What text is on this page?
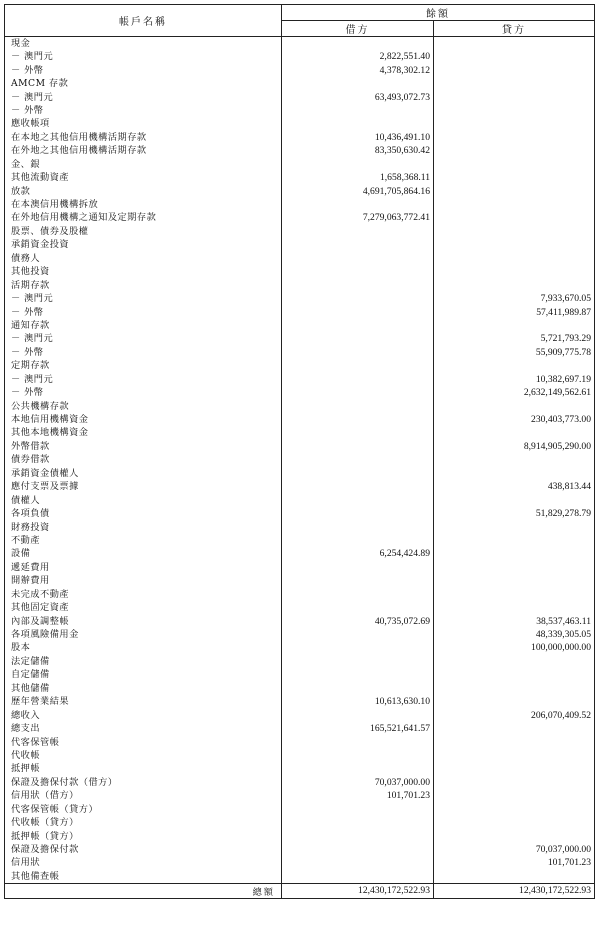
帳戶名稱	餘額	
	借方	貸方
現金		
－ 澳門元	2,822,551.40	
－ 外幣	4,378,302.12	
AMCM 存款		
－ 澳門元	63,493,072.73	
－ 外幣		
應收帳項		
在本地之其他信用機構活期存款	10,436,491.10	
在外地之其他信用機構活期存款	83,350,630.42	
金、銀		
其他流動資產	1,658,368.11	
放款	4,691,705,864.16	
在本澳信用機構拆放		
在外地信用機構之通知及定期存款	7,279,063,772.41	
股票、債券及股權		
承銷資金投資		
債務人		
其他投資		
活期存款		
－ 澳門元		7,933,670.05
－ 外幣		57,411,989.87
通知存款		
－ 澳門元		5,721,793.29
－ 外幣		55,909,775.78
定期存款		
－ 澳門元		10,382,697.19
－ 外幣		2,632,149,562.61
公共機構存款		
本地信用機構資金		230,403,773.00
其他本地機構資金		
外幣借款		8,914,905,290.00
債券借款		
承銷資金債權人		
應付支票及票據		438,813.44
債權人		
各項負債		51,829,278.79
財務投資		
不動產		
設備	6,254,424.89	
遞延費用		
開辦費用		
未完成不動產		
其他固定資產		
內部及調整帳	40,735,072.69	38,537,463.11
各項風險備用金		48,339,305.05
股本		100,000,000.00
法定儲備		
自定儲備		
其他儲備		
歷年營業結果	10,613,630.10	
總收入		206,070,409.52
總支出	165,521,641.57	
代客保管帳		
代收帳		
抵押帳		
保證及擔保付款（借方）	70,037,000.00	
信用狀（借方）	101,701.23	
代客保管帳（貸方）		
代收帳（貸方）		
抵押帳（貸方）		
保證及擔保付款		70,037,000.00
信用狀		101,701.23
其他備查帳		
總額	12,430,172,522.93	12,430,172,522.93
